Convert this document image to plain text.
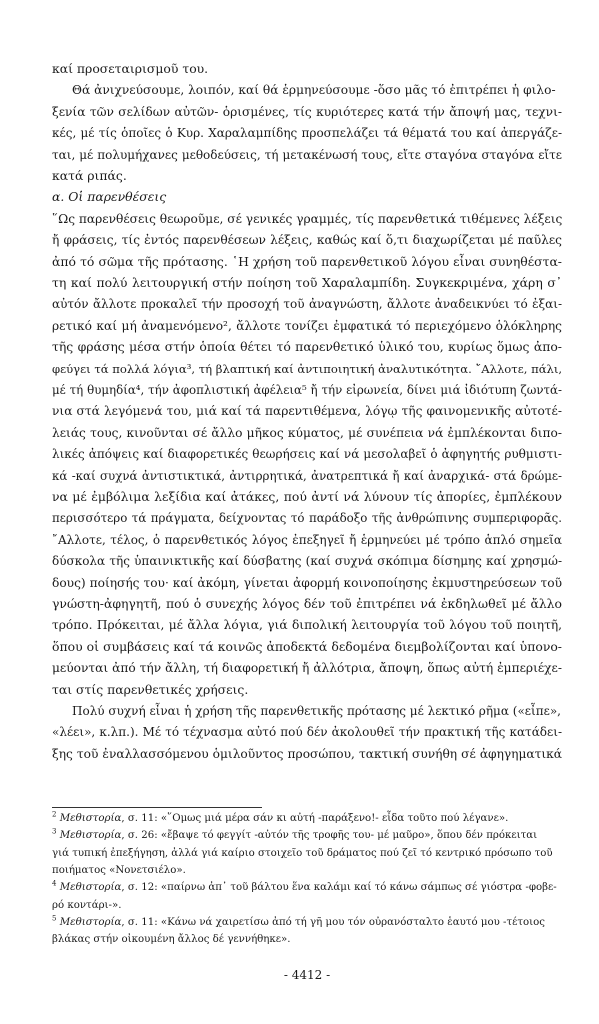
καί προσεταιρισμοῦ του.
Θά ἀνιχνεύσουμε, λοιπόν, καί θά ἑρμηνεύσουμε -ὅσο μᾶς τό ἐπιτρέπει ἡ φιλο-
ξενία τῶν σελίδων αὐτῶν- ὁρισμένες, τίς κυριότερες κατά τήν ἄποψή μας, τεχνι-
κές, μέ τίς ὁποῖες ὁ Κυρ. Χαραλαμπίδης προσπελάζει τά θέματά του καί ἀπεργάζε-
ται, μέ πολυμήχανες μεθοδεύσεις, τή μετακένωσή τους, εἴτε σταγόνα σταγόνα εἴτε
κατά ριπάς.
α. Οἱ παρενθέσεις
῞Ως παρενθέσεις θεωροῦμε, σέ γενικές γραμμές, τίς παρενθετικά τιθέμενες λέξεις
ἤ φράσεις, τίς ἐντός παρενθέσεων λέξεις, καθώς καί ὅ,τι διαχωρίζεται μέ παῦλες
ἀπό τό σῶμα τῆς πρότασης. ῾Η χρήση τοῦ παρενθετικοῦ λόγου εἶναι συνηθέστα-
τη καί πολύ λειτουργική στήν ποίηση τοῦ Χαραλαμπίδη. Συγκεκριμένα, χάρη σ᾽
αὐτόν ἄλλοτε προκαλεῖ τήν προσοχή τοῦ ἀναγνώστη, ἄλλοτε ἀναδεικνύει τό ἐξαι-
ρετικό καί μή ἀναμενόμενο², ἄλλοτε τονίζει ἐμφατικά τό περιεχόμενο ὁλόκληρης
τῆς φράσης μέσα στήν ὁποία θέτει τό παρενθετικό ὑλικό του, κυρίως ὅμως ἀπο-
φεύγει τά πολλά λόγια³, τή βλαπτική καί ἀντιποιητική ἀναλυτικότητα. ῎Αλλοτε, πάλι,
μέ τή θυμηδία⁴, τήν ἀφοπλιστική ἀφέλεια⁵ ἤ τήν εἰρωνεία, δίνει μιά ἰδιότυπη ζωντά-
νια στά λεγόμενά του, μιά καί τά παρεντιθέμενα, λόγῳ τῆς φαινομενικῆς αὐτοτέ-
λειάς τους, κινοῦνται σέ ἄλλο μῆκος κύματος, μέ συνέπεια νά ἐμπλέκονται διπο-
λικές ἀπόψεις καί διαφορετικές θεωρήσεις καί νά μεσολαβεῖ ὁ ἀφηγητής ρυθμιστι-
κά -καί συχνά ἀντιστικτικά, ἀντιρρητικά, ἀνατρεπτικά ἤ καί ἀναρχικά- στά δρώμε-
να μέ ἐμβόλιμα λεξίδια καί ἀτάκες, πού ἀντί νά λύνουν τίς ἀπορίες, ἐμπλέκουν
περισσότερο τά πράγματα, δείχνοντας τό παράδοξο τῆς ἀνθρώπινης συμπεριφορᾶς.
῎Αλλοτε, τέλος, ὁ παρενθετικός λόγος ἐπεξηγεῖ ἤ ἑρμηνεύει μέ τρόπο ἁπλό σημεῖα
δύσκολα τῆς ὑπαινικτικῆς καί δύσβατης (καί συχνά σκόπιμα δίσημης καί χρησμώ-
δους) ποίησής του· καί ἀκόμη, γίνεται ἀφορμή κοινοποίησης ἐκμυστηρεύσεων τοῦ
γνώστη-ἀφηγητῆ, πού ὁ συνεχής λόγος δέν τοῦ ἐπιτρέπει νά ἐκδηλωθεῖ μέ ἄλλο
τρόπο. Πρόκειται, μέ ἄλλα λόγια, γιά διπολική λειτουργία τοῦ λόγου τοῦ ποιητῆ,
ὅπου οἱ συμβάσεις καί τά κοινῶς ἀποδεκτά δεδομένα διεμβολίζονται καί ὑπονο-
μεύονται ἀπό τήν ἄλλη, τή διαφορετική ἤ ἀλλότρια, ἄποψη, ὅπως αὐτή ἐμπεριέχε-
ται στίς παρενθετικές χρήσεις.
Πολύ συχνή εἶναι ἡ χρήση τῆς παρενθετικῆς πρότασης μέ λεκτικό ρῆμα («εἶπε»,
«λέει», κ.λπ.). Μέ τό τέχνασμα αὐτό πού δέν ἀκολουθεῖ τήν πρακτική τῆς κατάδει-
ξης τοῦ ἐναλλασσόμενου ὁμιλοῦντος προσώπου, τακτική συνήθη σέ ἀφηγηματικά
$^2$ Μεθιστορία, σ. 11: «῞Ομως μιά μέρα σάν κι αὐτή -παράξενο!- εἶδα τοῦτο πού λέγανε».
$^3$ Μεθιστορία, σ. 26: «ἔβαψε τό φεγγίτ -αὐτόν τῆς τροφῆς του- μέ μαῦρο», ὅπου δέν πρόκειται
γιά τυπική ἐπεξήγηση, ἀλλά γιά καίριο στοιχεῖο τοῦ δράματος πού ζεῖ τό κεντρικό πρόσωπο τοῦ
ποιήματος «Νονετσιέλο».
$^4$ Μεθιστορία, σ. 12: «παίρνω ἀπ᾽ τοῦ βάλτου ἕνα καλάμι καί τό κάνω σάμπως σέ γιόστρα -φοβε-
ρό κοντάρι-».
$^5$ Μεθιστορία, σ. 11: «Κάνω νά χαιρετίσω ἀπό τή γῆ μου τόν οὐρανόσταλτο ἑαυτό μου -τέτοιος
βλάκας στήν οἰκουμένη ἄλλος δέ γεννήθηκε».
- 4412 -
